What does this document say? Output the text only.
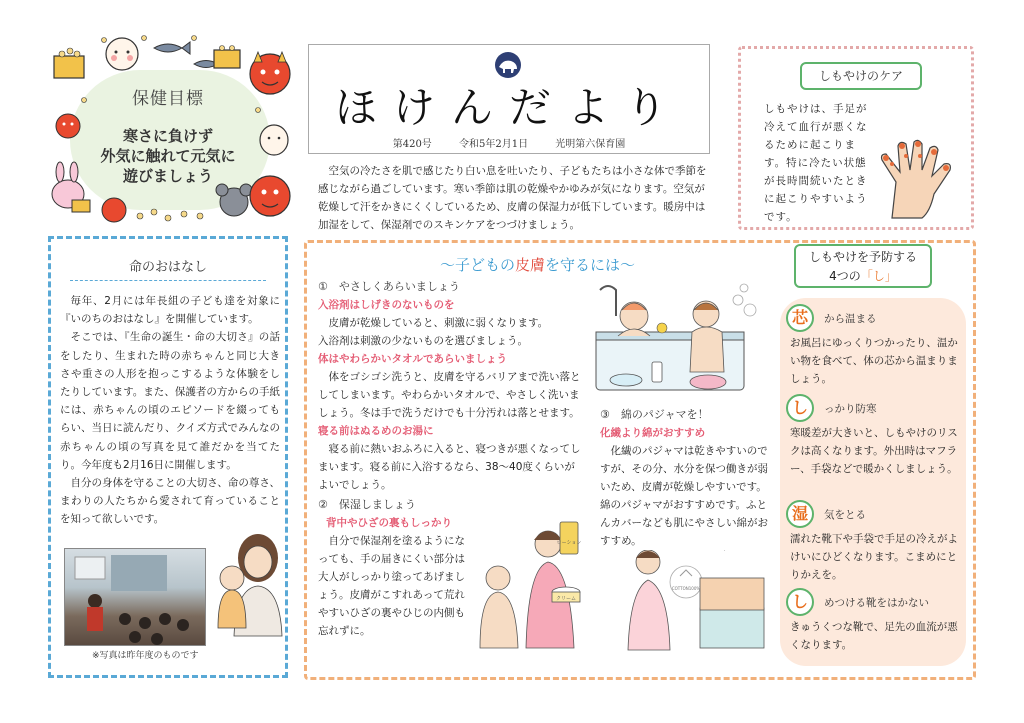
保健目標
寒さに負けず
外気に触れて元気に
遊びましょう
ほけんだより
第420号	令和5年2月1日	光明第六保育園

空気の冷たさを肌で感じたり白い息を吐いたり、子どもたちは小さな体で季節を感じながら過ごしています。寒い季節は肌の乾燥やかゆみが気になります。空気が乾燥して汗をかきにくくしているため、皮膚の保湿力が低下しています。暖房中は加湿をして、保湿剤でのスキンケアをつづけましょう。

しもやけのケア
しもやけは、手足が冷えて血行が悪くなるために起こります。特に冷たい状態が長時間続いたときに起こりやすいようです。
命のおはなし

毎年、2月には年長組の子ども達を対象に『いのちのおはなし』を開催しています。

そこでは、『生命の誕生・命の大切さ』の話をしたり、生まれた時の赤ちゃんと同じ大きさや重さの人形を抱っこするような体験をしたりしています。また、保護者の方からの手紙には、赤ちゃんの頃のエピソードを綴ってもらい、当日に読んだり、クイズ方式でみんなの赤ちゃんの頃の写真を見て誰だかを当てたり。今年度も2月16日に開催します。

自分の身体を守ることの大切さ、命の尊さ、まわりの人たちから愛されて育っていることを知って欲しいです。

※写真は昨年度のものです
〜子どもの皮膚を守るには〜
①　やさしくあらいましょう
入浴剤はしげきのないものを

皮膚が乾燥していると、刺激に弱くなります。

入浴剤は刺激の少ないものを選びましょう。
体はやわらかいタオルであらいましょう

体をゴシゴシ洗うと、皮膚を守るバリアまで洗い落としてしまいます。やわらかいタオルで、やさしく洗いましょう。冬は手で洗うだけでも十分汚れは落とせます。

寝る前はぬるめのお湯に

寝る前に熱いおふろに入ると、寝つきが悪くなってしまいます。寝る前に入浴するなら、38〜40度くらいがよいでしょう。

②　保湿しましょう
背中やひざの裏もしっかり

自分で保湿剤を塗るようになっても、手の届きにくい部分は大人がしっかり塗ってあげましょう。皮膚がこすれあって荒れやすいひざの裏やひじの内側も忘れずに。

③　綿のパジャマを！
化繊より綿がおすすめ

化繊のパジャマは乾きやすいのですが、その分、水分を保つ働きが弱いため、皮膚が乾燥しやすいです。綿のパジャマがおすすめです。ふとんカバーなども肌にやさしい綿がおすすめ。

ローション
クリーム
COTTON100%
しもやけを予防する
4つの「し」
芯 から温まる
お風呂にゆっくりつかったり、温かい物を食べて、体の芯から温まりましょう。
し っかり防寒
寒暖差が大きいと、しもやけのリスクは高くなります。外出時はマフラー、手袋などで暖かくしましょう。
湿 気をとる
濡れた靴下や手袋で手足の冷えがよけいにひどくなります。こまめにとりかえを。
し めつける靴をはかない
きゅうくつな靴で、足先の血流が悪くなります。
